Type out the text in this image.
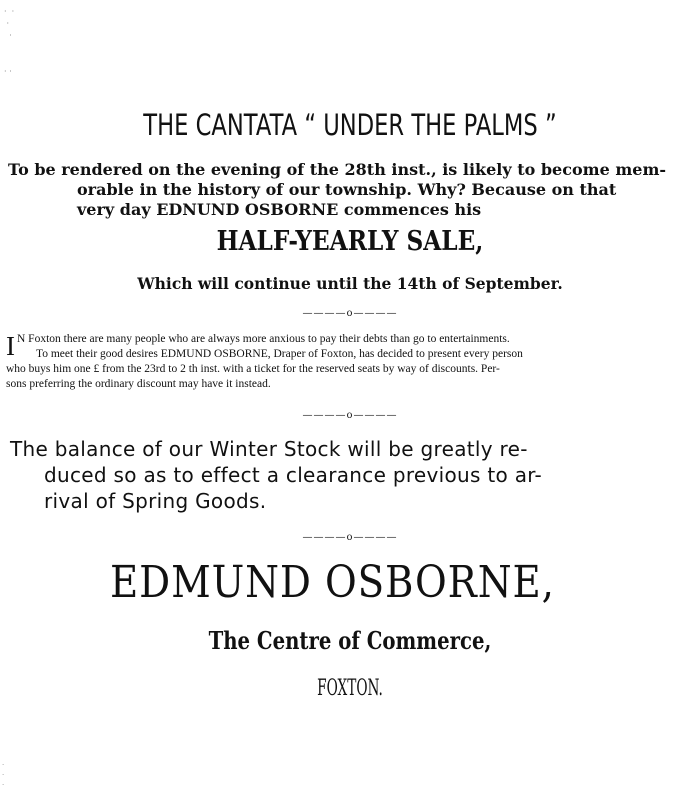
·  ·
·
·

· ·
THE CANTATA “ UNDER THE PALMS ”
To be rendered on the evening of the 28th inst., is likely to become mem-
orable in the history of our township. Why? Because on that
very day EDNUND OSBORNE commences his
HALF-YEARLY SALE,
Which will continue until the 14th of September.
————o————
I N Foxton there are many people who are always more anxious to pay their debts than go to entertainments.
To meet their good desires EDMUND OSBORNE, Draper of Foxton, has decided to present every person
who buys him one £ from the 23rd to 2 th inst. with a ticket for the reserved seats by way of discounts. Per-
sons preferring the ordinary discount may have it instead.
————o————
The balance of our Winter Stock will be greatly re-
duced so as to effect a clearance previous to ar-
rival of Spring Goods.
————o————
EDMUND OSBORNE,
The Centre of Commerce,
FOXTON.
·
·
·
